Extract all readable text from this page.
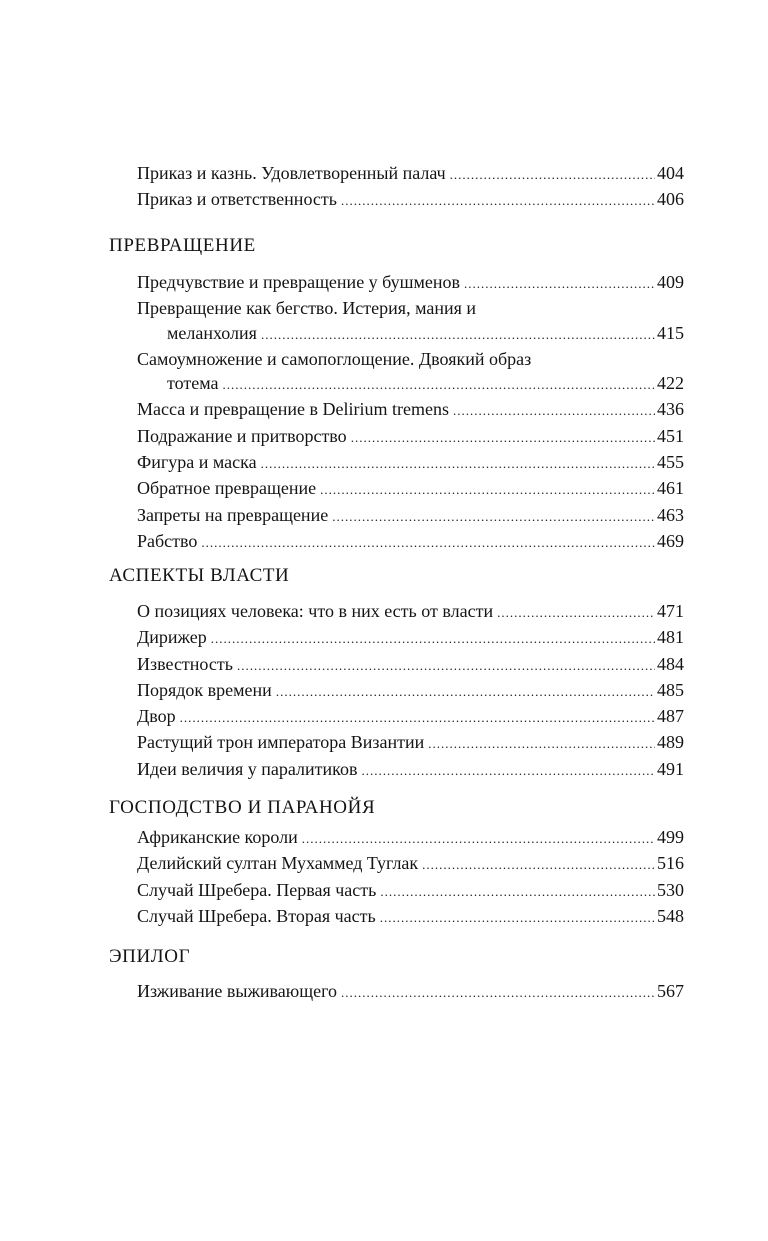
Приказ и казнь. Удовлетворенный палач .....	404
Приказ и ответственность .....	406
ПРЕВРАЩЕНИЕ
Предчувствие и превращение у бушменов .....	409
Превращение как бегство. Истерия, мания и
меланхолия .....	415
Самоумножение и самопоглощение. Двоякий образ
тотема .....	422
Масса и превращение в Delirium tremens .....	436
Подражание и притворство .....	451
Фигура и маска .....	455
Обратное превращение .....	461
Запреты на превращение .....	463
Рабство .....	469
АСПЕКТЫ ВЛАСТИ
О позициях человека: что в них есть от власти .....	471
Дирижер .....	481
Известность .....	484
Порядок времени .....	485
Двор .....	487
Растущий трон императора Византии .....	489
Идеи величия у паралитиков .....	491
ГОСПОДСТВО И ПАРАНОЙЯ
Африканские короли .....	499
Делийский султан Мухаммед Туглак .....	516
Случай Шребера. Первая часть .....	530
Случай Шребера. Вторая часть .....	548
ЭПИЛОГ
Изживание выживающего .....	567
